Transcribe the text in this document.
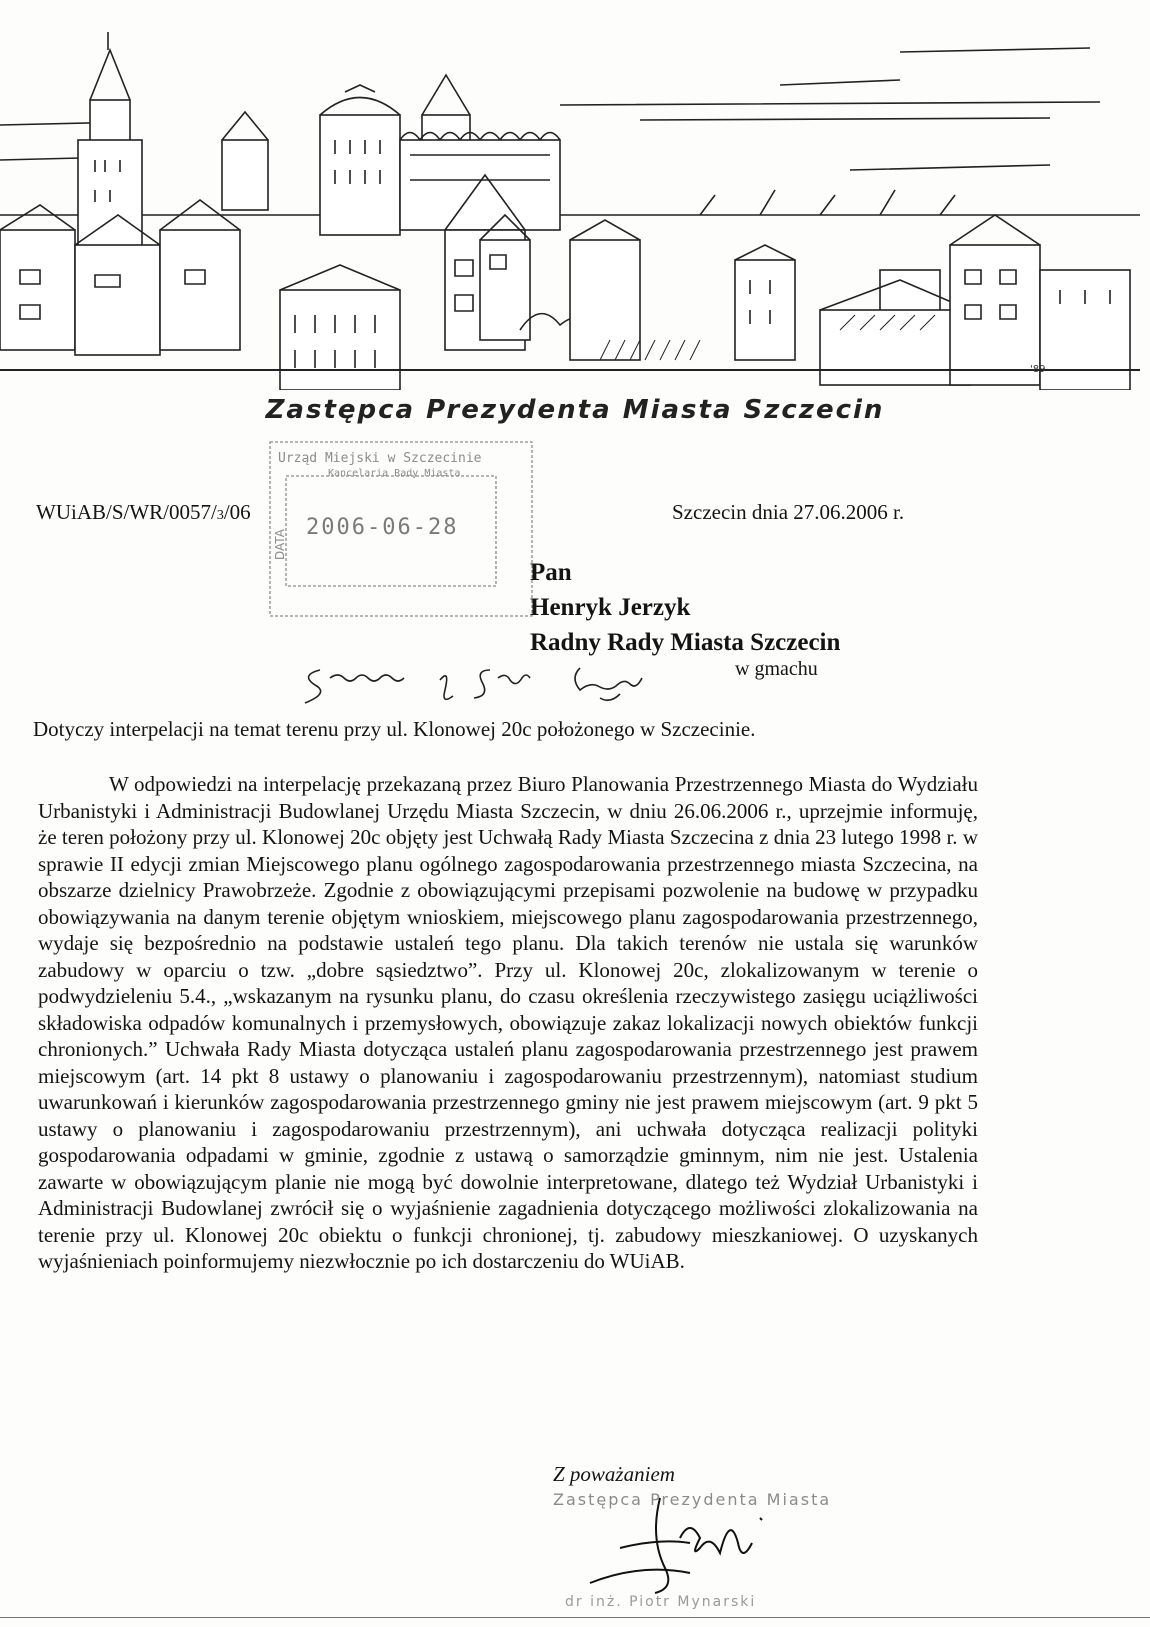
'89
Zastępca Prezydenta Miasta Szczecin
Urząd Miejski w Szczecinie
Kancelaria Rady Miasta
2006-06-28
DATA
WUiAB/S/WR/0057/3/06	Szczecin dnia 27.06.2006 r.
Pan
Henryk Jerzyk
Radny Rady Miasta Szczecin
w gmachu
Dotyczy interpelacji na temat terenu przy ul. Klonowej 20c położonego w Szczecinie.

W odpowiedzi na interpelację przekazaną przez Biuro Planowania Przestrzennego Miasta do Wydziału Urbanistyki i Administracji Budowlanej Urzędu Miasta Szczecin, w dniu 26.06.2006 r., uprzejmie informuję, że teren położony przy ul. Klonowej 20c objęty jest Uchwałą Rady Miasta Szczecina z dnia 23 lutego 1998 r. w sprawie II edycji zmian Miejscowego planu ogólnego zagospodarowania przestrzennego miasta Szczecina, na obszarze dzielnicy Prawobrzeże. Zgodnie z obowiązującymi przepisami pozwolenie na budowę w przypadku obowiązywania na danym terenie objętym wnioskiem, miejscowego planu zagospodarowania przestrzennego, wydaje się bezpośrednio na podstawie ustaleń tego planu. Dla takich terenów nie ustala się warunków zabudowy w oparciu o tzw. „dobre sąsiedztwo”. Przy ul. Klonowej 20c, zlokalizowanym w terenie o podwydzieleniu 5.4., „wskazanym na rysunku planu, do czasu określenia rzeczywistego zasięgu uciążliwości składowiska odpadów komunalnych i przemysłowych, obowiązuje zakaz lokalizacji nowych obiektów funkcji chronionych.” Uchwała Rady Miasta dotycząca ustaleń planu zagospodarowania przestrzennego jest prawem miejscowym (art. 14 pkt 8 ustawy o planowaniu i zagospodarowaniu przestrzennym), natomiast studium uwarunkowań i kierunków zagospodarowania przestrzennego gminy nie jest prawem miejscowym (art. 9 pkt 5 ustawy o planowaniu i zagospodarowaniu przestrzennym), ani uchwała dotycząca realizacji polityki gospodarowania odpadami w gminie, zgodnie z ustawą o samorządzie gminnym, nim nie jest. Ustalenia zawarte w obowiązującym planie nie mogą być dowolnie interpretowane, dlatego też Wydział Urbanistyki i Administracji Budowlanej zwrócił się o wyjaśnienie zagadnienia dotyczącego możliwości zlokalizowania na terenie przy ul. Klonowej 20c obiektu o funkcji chronionej, tj. zabudowy mieszkaniowej. O uzyskanych wyjaśnieniach poinformujemy niezwłocznie po ich dostarczeniu do WUiAB.

Z poważaniem
Zastępca Prezydenta Miasta
dr inż. Piotr Mynarski
